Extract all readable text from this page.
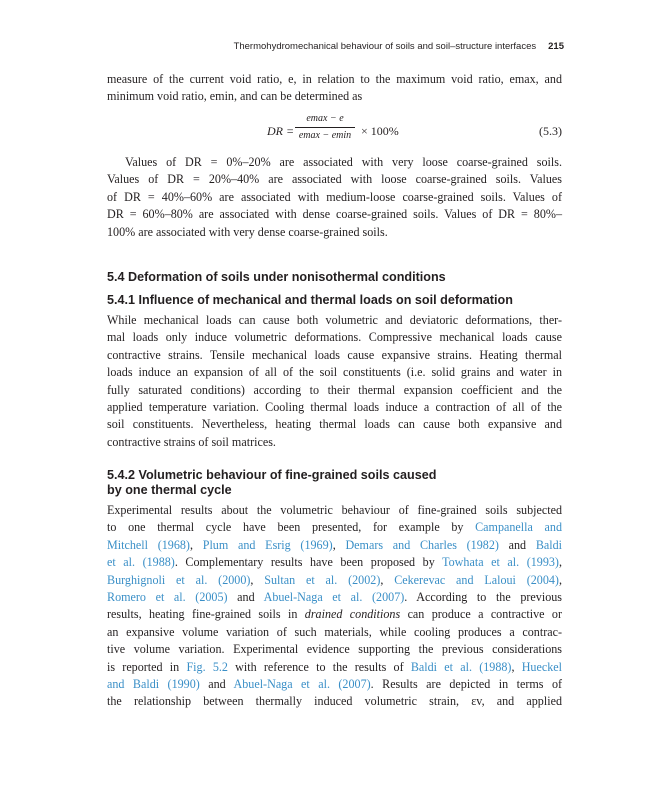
Thermohydromechanical behaviour of soils and soil–structure interfaces 215

measure of the current void ratio, e, in relation to the maximum void ratio, emax, and
minimum void ratio, emin, and can be determined as

DR =
emax − e
emax − emin × 100%	(5.3)

Values of DR = 0%–20% are associated with very loose coarse-grained soils.
Values of DR = 20%–40% are associated with loose coarse-grained soils. Values
of DR = 40%–60% are associated with medium-loose coarse-grained soils. Values of
DR = 60%–80% are associated with dense coarse-grained soils. Values of DR = 80%–
100% are associated with very dense coarse-grained soils.

5.4 Deformation of soils under nonisothermal conditions
5.4.1 Influence of mechanical and thermal loads on soil deformation

While mechanical loads can cause both volumetric and deviatoric deformations, ther-
mal loads only induce volumetric deformations. Compressive mechanical loads cause
contractive strains. Tensile mechanical loads cause expansive strains. Heating thermal
loads induce an expansion of all of the soil constituents (i.e. solid grains and water in
fully saturated conditions) according to their thermal expansion coefficient and the
applied temperature variation. Cooling thermal loads induce a contraction of all of the
soil constituents. Nevertheless, heating thermal loads can cause both expansive and
contractive strains of soil matrices.

5.4.2 Volumetric behaviour of fine-grained soils caused
by one thermal cycle

Experimental results about the volumetric behaviour of fine-grained soils subjected
to one thermal cycle have been presented, for example by Campanella and
Mitchell (1968), Plum and Esrig (1969), Demars and Charles (1982) and Baldi
et al. (1988). Complementary results have been proposed by Towhata et al. (1993),
Burghignoli et al. (2000), Sultan et al. (2002), Cekerevac and Laloui (2004),
Romero et al. (2005) and Abuel-Naga et al. (2007). According to the previous
results, heating fine-grained soils in drained conditions can produce a contractive or
an expansive volume variation of such materials, while cooling produces a contrac-
tive volume variation. Experimental evidence supporting the previous considerations
is reported in Fig. 5.2 with reference to the results of Baldi et al. (1988), Hueckel
and Baldi (1990) and Abuel-Naga et al. (2007). Results are depicted in terms of
the relationship between thermally induced volumetric strain, εv, and applied
